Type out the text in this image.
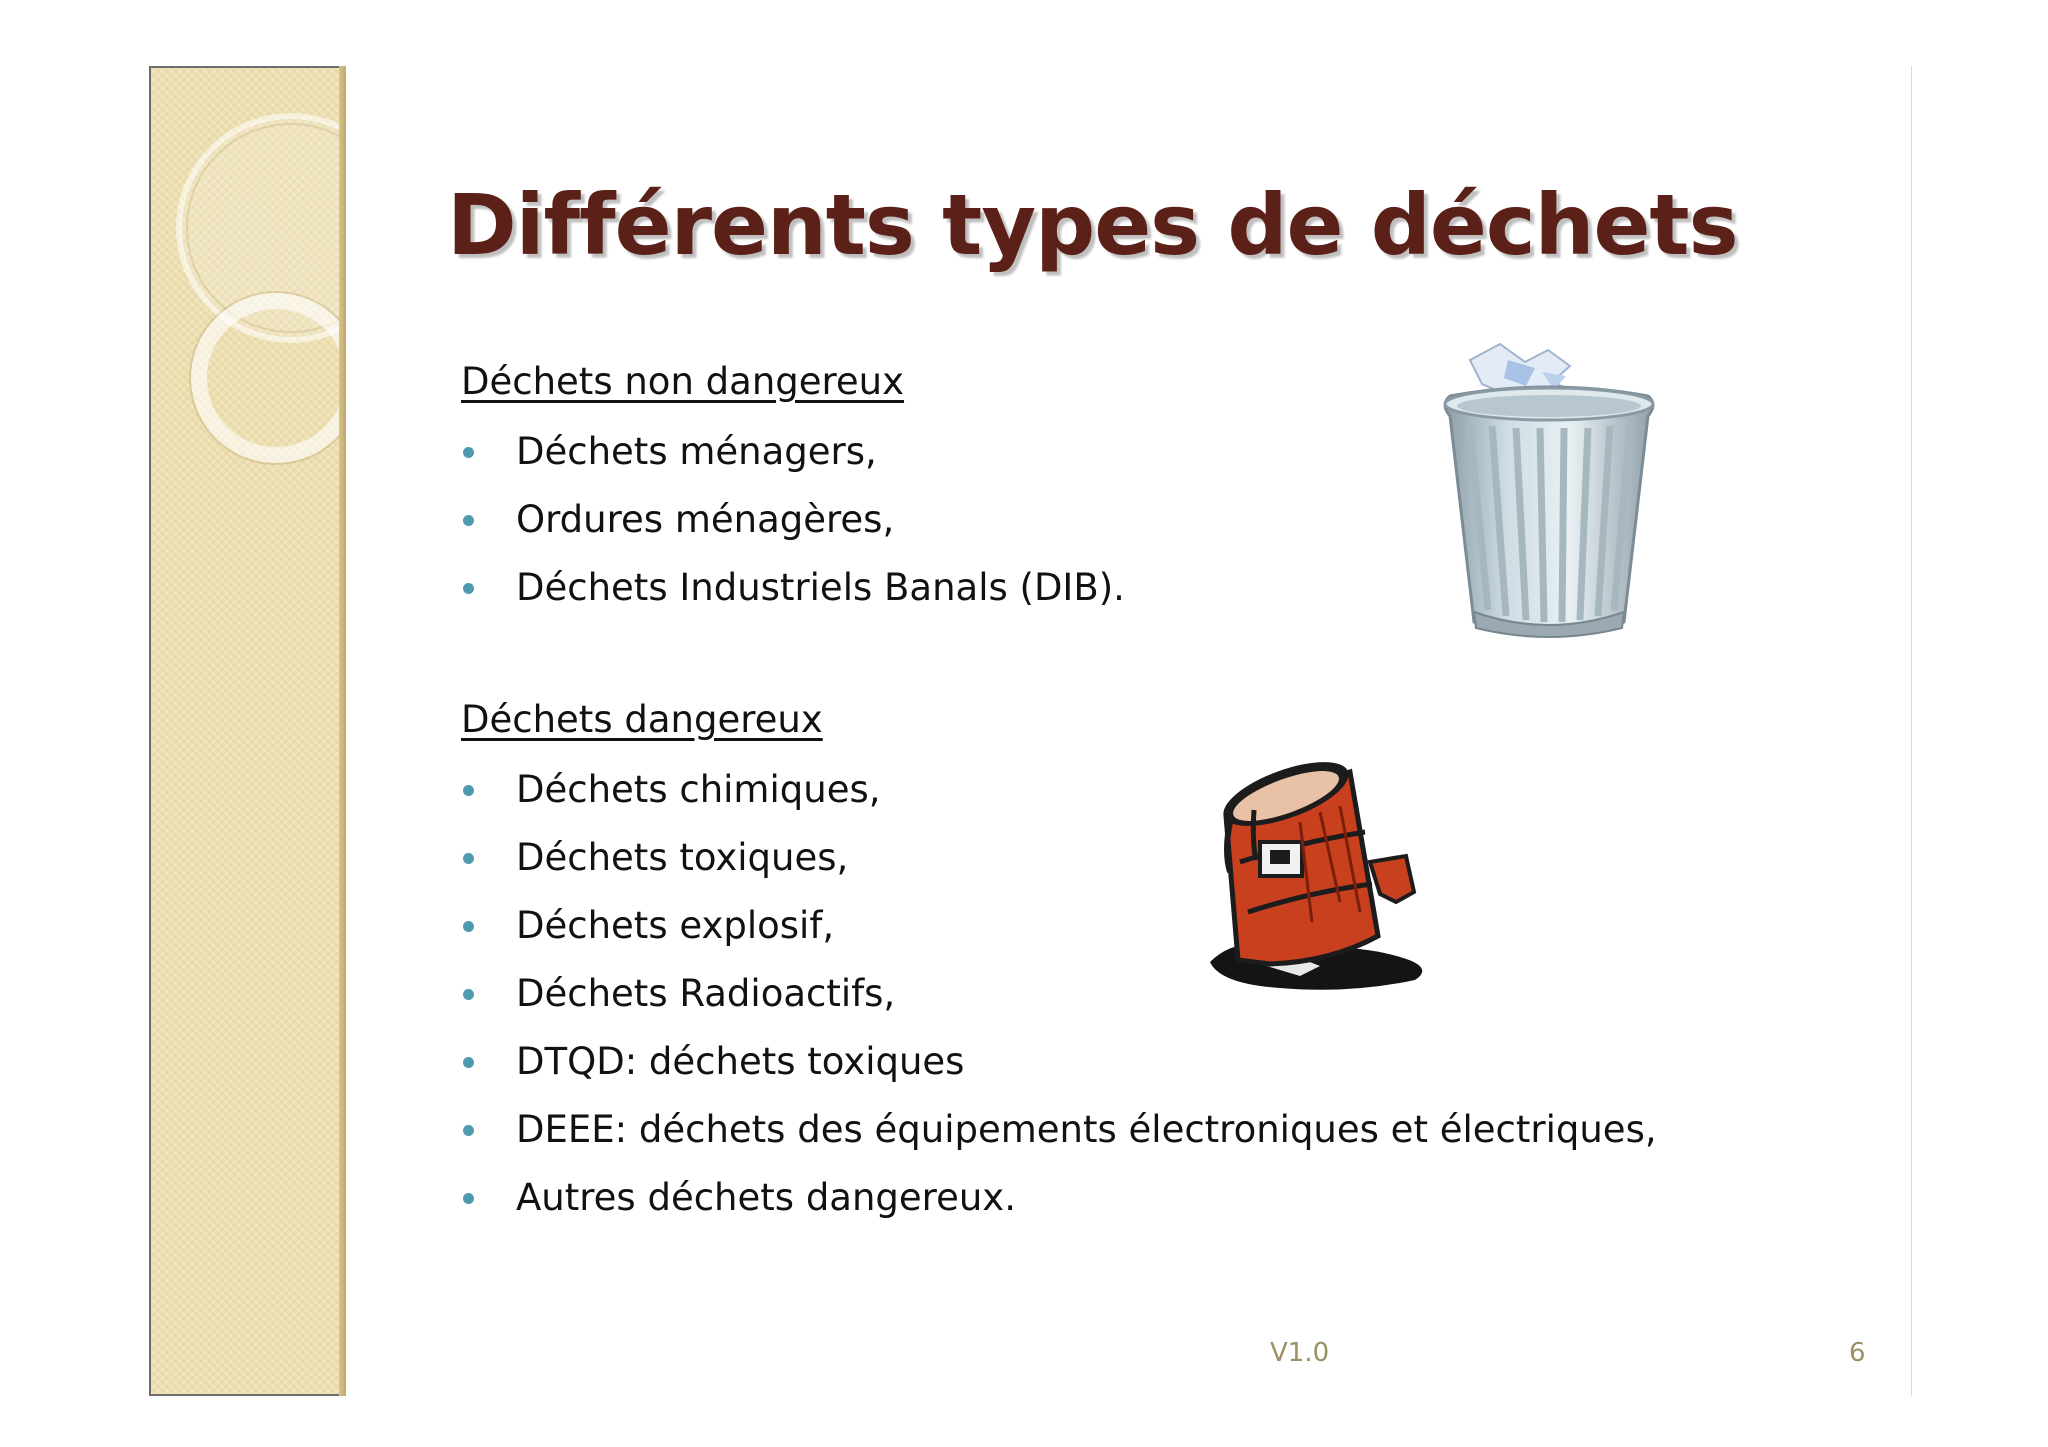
Différents types de déchets
Déchets non dangereux
Déchets ménagers,
Ordures ménagères,
Déchets Industriels Banals (DIB).
Déchets dangereux
Déchets chimiques,
Déchets toxiques,
Déchets explosif,
Déchets Radioactifs,
DTQD: déchets toxiques
DEEE: déchets des équipements électroniques et électriques,
Autres déchets dangereux.
V1.0	6
